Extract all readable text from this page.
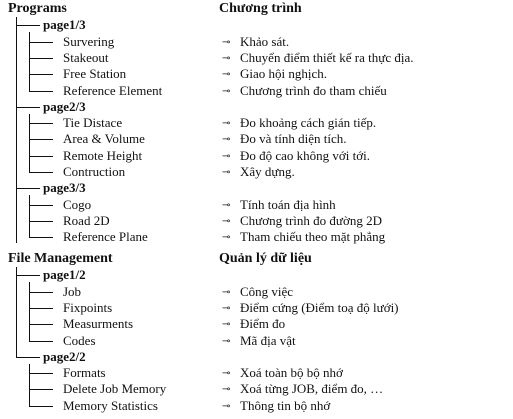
Programs	Chương trình
page1/3
Survering	⊸ Khảo sát.
Stakeout	⊸ Chuyển điểm thiết kế ra thực địa.
Free Station	⊸ Giao hội nghịch.
Reference Element	⊸ Chương trình đo tham chiếu
page2/3
Tie Distace	⊸ Đo khoảng cách gián tiếp.
Area & Volume	⊸ Đo và tính diện tích.
Remote Height	⊸ Đo độ cao không với tới.
Contruction	⊸ Xây dựng.
page3/3
Cogo	⊸ Tính toán địa hình
Road 2D	⊸ Chương trình đo đường 2D
Reference Plane	⊸ Tham chiếu theo mặt phẳng
File Management	Quản lý dữ liệu
page1/2
Job	⊸ Công việc
Fixpoints	⊸ Điểm cứng (Điểm toạ độ lưới)
Measurments	⊸ Điểm đo
Codes	⊸ Mã địa vật
page2/2
Formats	⊸ Xoá toàn bộ bộ nhớ
Delete Job Memory	⊸ Xoá từng JOB, điểm đo, …
Memory Statistics	⊸ Thông tin bộ nhớ
